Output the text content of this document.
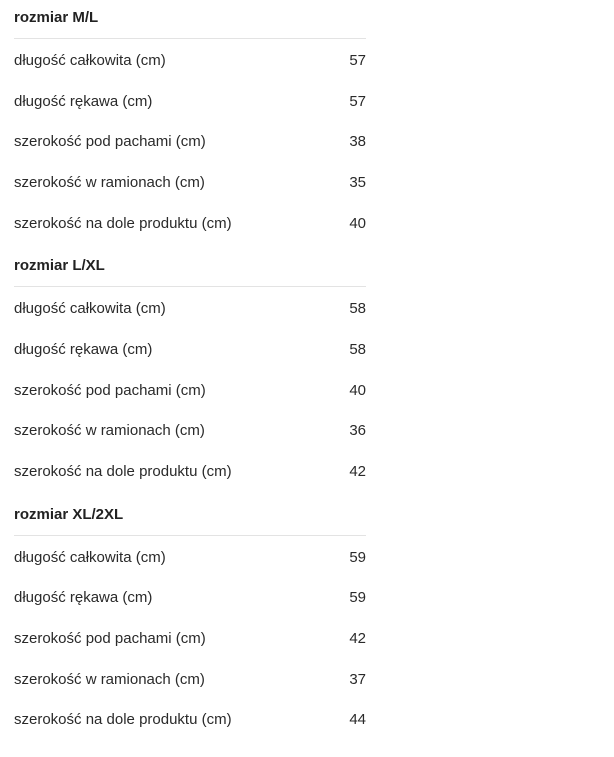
rozmiar M/L
długość całkowita (cm)	57
długość rękawa (cm)	57
szerokość pod pachami (cm)	38
szerokość w ramionach (cm)	35
szerokość na dole produktu (cm)	40
rozmiar L/XL
długość całkowita (cm)	58
długość rękawa (cm)	58
szerokość pod pachami (cm)	40
szerokość w ramionach (cm)	36
szerokość na dole produktu (cm)	42
rozmiar XL/2XL
długość całkowita (cm)	59
długość rękawa (cm)	59
szerokość pod pachami (cm)	42
szerokość w ramionach (cm)	37
szerokość na dole produktu (cm)	44
